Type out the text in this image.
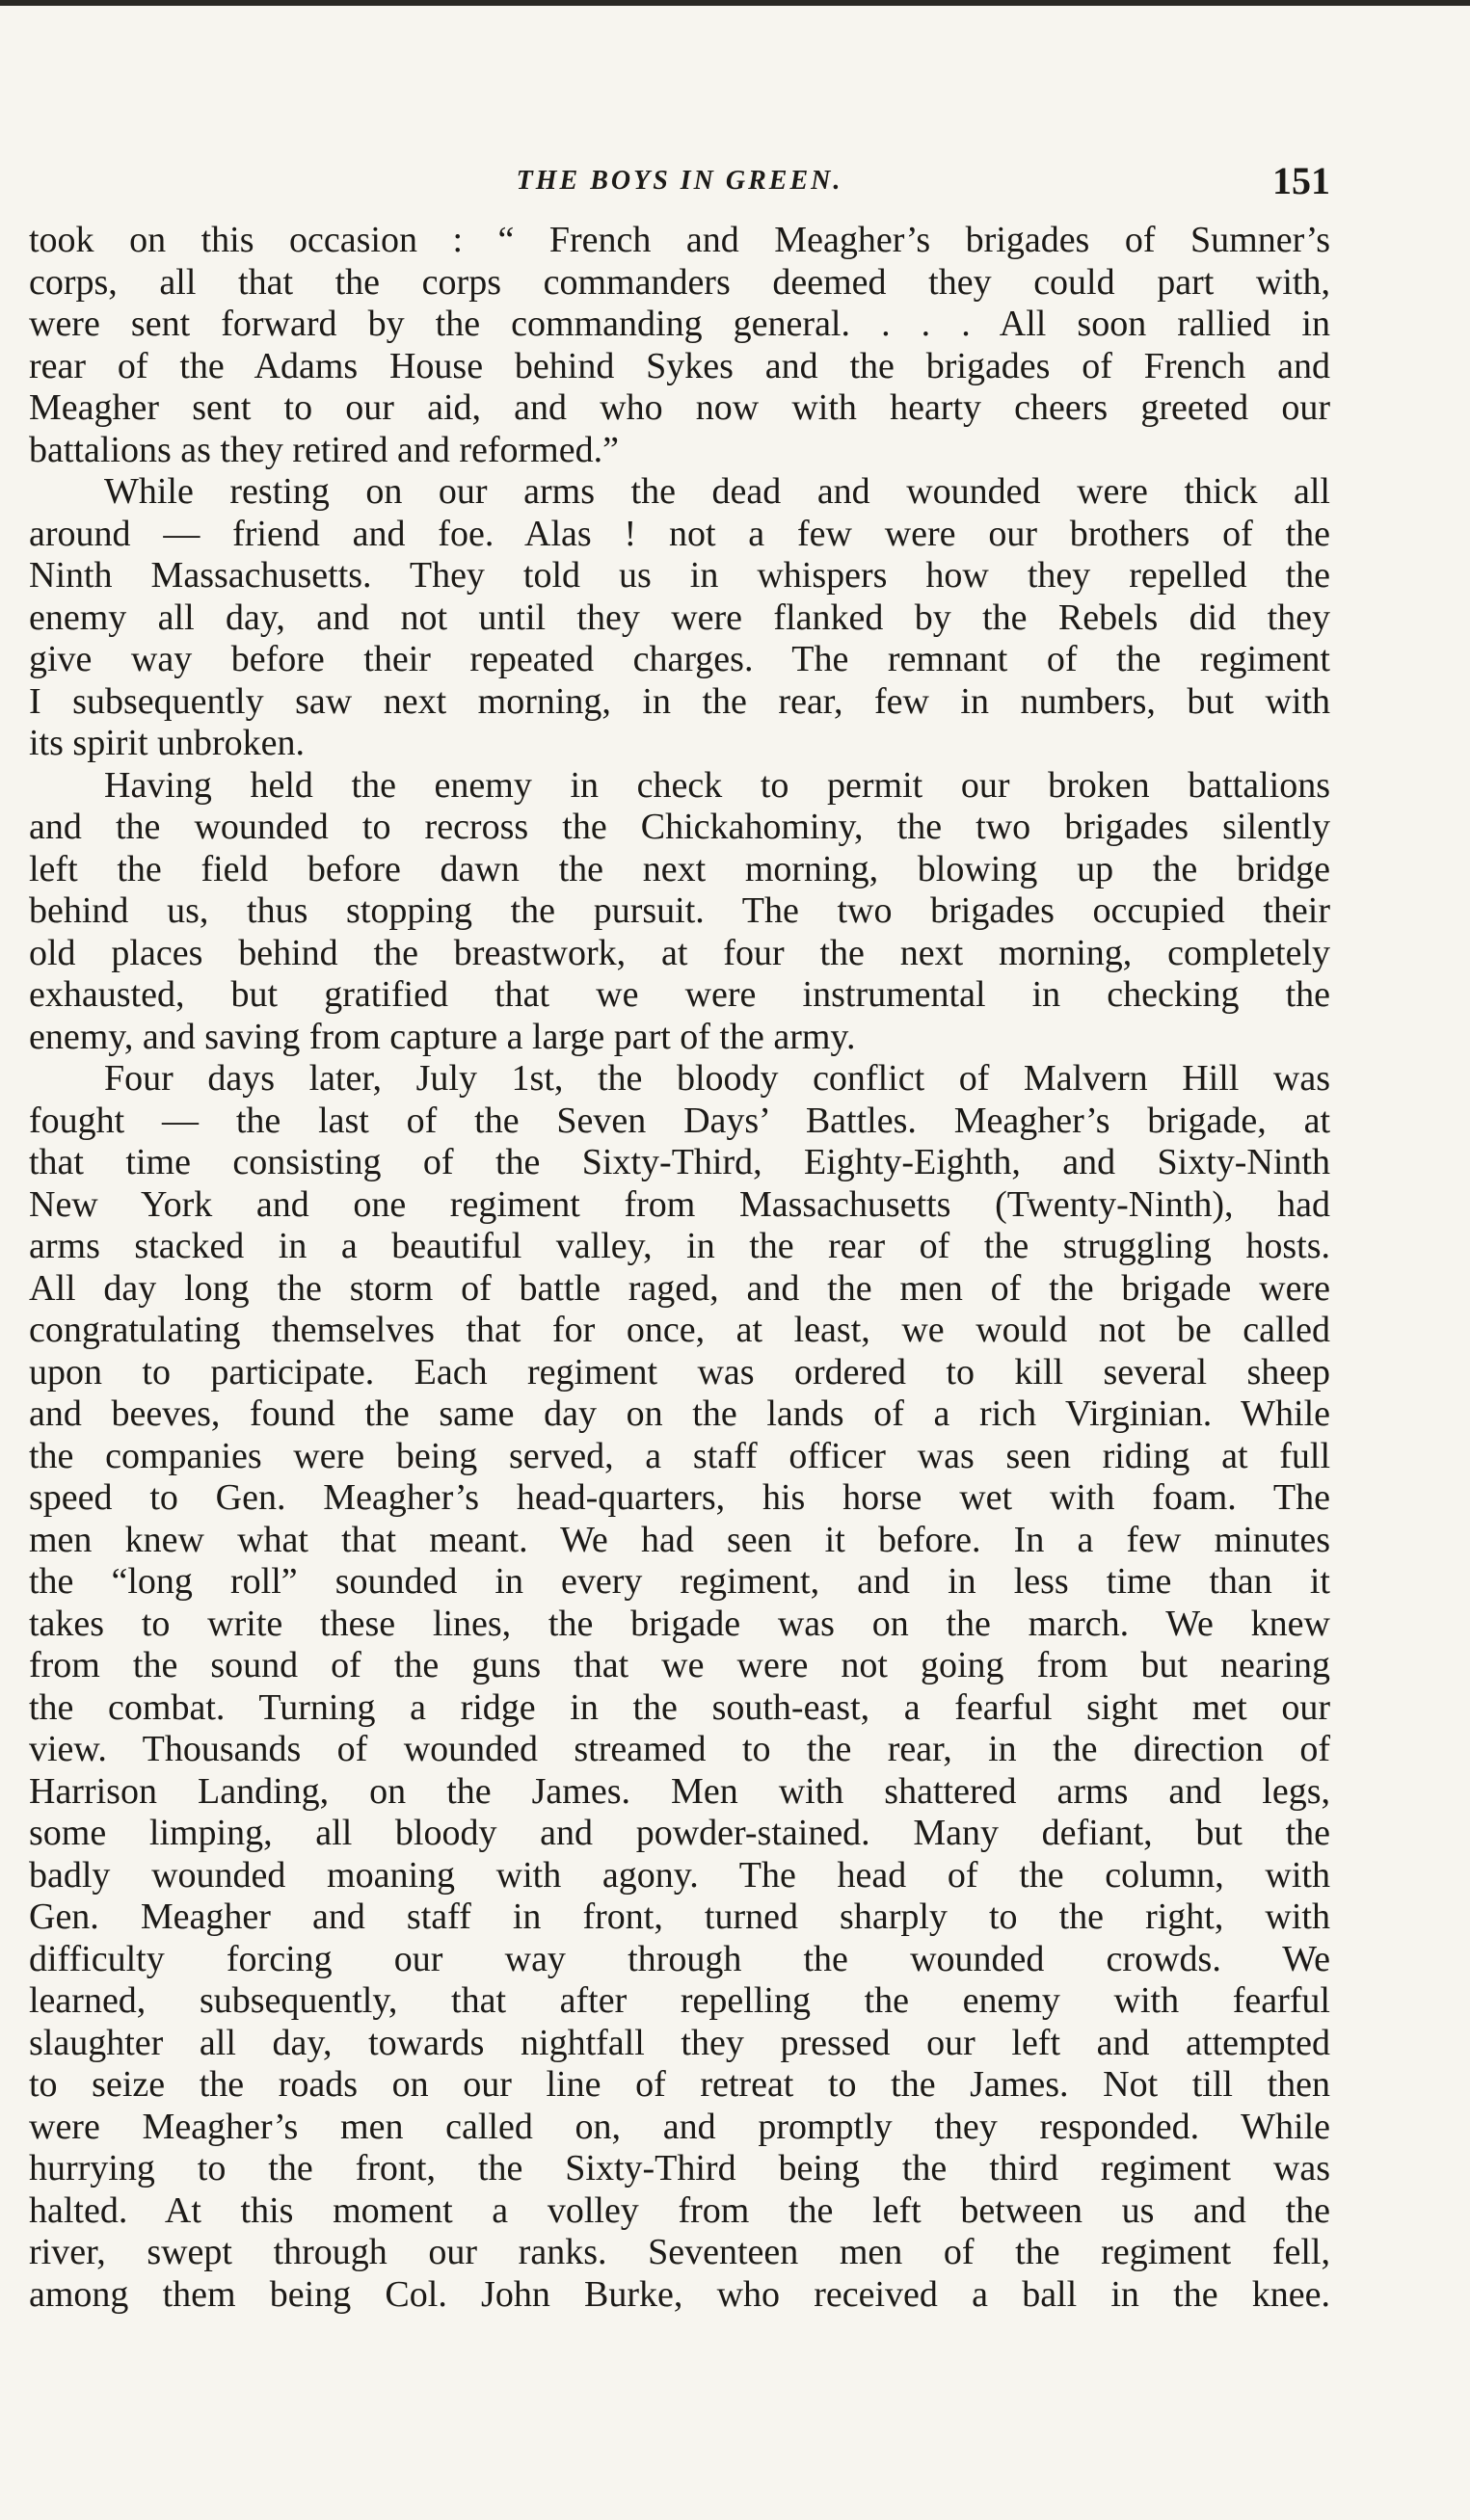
THE BOYS IN GREEN.	151

took on this occasion : “ French and Meagher’s brigades of Sumner’s

corps, all that the corps commanders deemed they could part with,

were sent forward by the commanding general. . . . All soon rallied in

rear of the Adams House behind Sykes and the brigades of French and

Meagher sent to our aid, and who now with hearty cheers greeted our

battalions as they retired and reformed.”

While resting on our arms the dead and wounded were thick all

around — friend and foe. Alas ! not a few were our brothers of the

Ninth Massachusetts. They told us in whispers how they repelled the

enemy all day, and not until they were flanked by the Rebels did they

give way before their repeated charges. The remnant of the regiment

I subsequently saw next morning, in the rear, few in numbers, but with

its spirit unbroken.

Having held the enemy in check to permit our broken battalions

and the wounded to recross the Chickahominy, the two brigades silently

left the field before dawn the next morning, blowing up the bridge

behind us, thus stopping the pursuit. The two brigades occupied their

old places behind the breastwork, at four the next morning, completely

exhausted, but gratified that we were instrumental in checking the

enemy, and saving from capture a large part of the army.

Four days later, July 1st, the bloody conflict of Malvern Hill was

fought — the last of the Seven Days’ Battles. Meagher’s brigade, at

that time consisting of the Sixty-Third, Eighty-Eighth, and Sixty-Ninth

New York and one regiment from Massachusetts (Twenty-Ninth), had

arms stacked in a beautiful valley, in the rear of the struggling hosts.

All day long the storm of battle raged, and the men of the brigade were

congratulating themselves that for once, at least, we would not be called

upon to participate. Each regiment was ordered to kill several sheep

and beeves, found the same day on the lands of a rich Virginian. While

the companies were being served, a staff officer was seen riding at full

speed to Gen. Meagher’s head-quarters, his horse wet with foam. The

men knew what that meant. We had seen it before. In a few minutes

the “long roll” sounded in every regiment, and in less time than it

takes to write these lines, the brigade was on the march. We knew

from the sound of the guns that we were not going from but nearing

the combat. Turning a ridge in the south-east, a fearful sight met our

view. Thousands of wounded streamed to the rear, in the direction of

Harrison Landing, on the James. Men with shattered arms and legs,

some limping, all bloody and powder-stained. Many defiant, but the

badly wounded moaning with agony. The head of the column, with

Gen. Meagher and staff in front, turned sharply to the right, with

difficulty forcing our way through the wounded crowds. We

learned, subsequently, that after repelling the enemy with fearful

slaughter all day, towards nightfall they pressed our left and attempted

to seize the roads on our line of retreat to the James. Not till then

were Meagher’s men called on, and promptly they responded. While

hurrying to the front, the Sixty-Third being the third regiment was

halted. At this moment a volley from the left between us and the

river, swept through our ranks. Seventeen men of the regiment fell,

among them being Col. John Burke, who received a ball in the knee.
